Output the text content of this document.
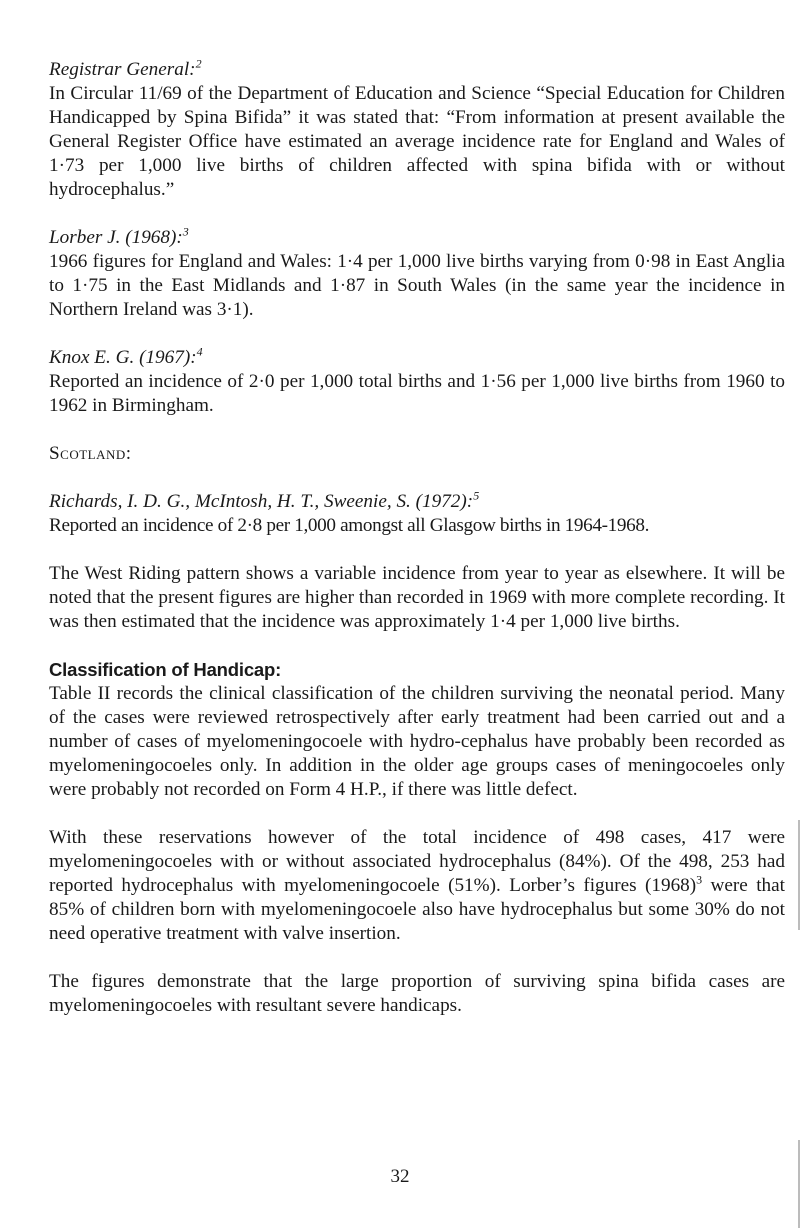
Registrar General:$^2$

In Circular 11/69 of the Department of Education and Science “Special Education for Children Handicapped by Spina Bifida” it was stated that: “From information at present available the General Register Office have estimated an average incidence rate for England and Wales of 1·73 per 1,000 live births of children affected with spina bifida with or without hydrocephalus.”

Lorber J. (1968):$^3$

1966 figures for England and Wales: 1·4 per 1,000 live births varying from 0·98 in East Anglia to 1·75 in the East Midlands and 1·87 in South Wales (in the same year the incidence in Northern Ireland was 3·1).

Knox E. G. (1967):$^4$

Reported an incidence of 2·0 per 1,000 total births and 1·56 per 1,000 live births from 1960 to 1962 in Birmingham.

Scotland:

Richards, I. D. G., McIntosh, H. T., Sweenie, S. (1972):$^5$

Reported an incidence of 2·8 per 1,000 amongst all Glasgow births in 1964-1968.

The West Riding pattern shows a variable incidence from year to year as elsewhere. It will be noted that the present figures are higher than recorded in 1969 with more complete recording. It was then estimated that the incidence was approximately 1·4 per 1,000 live births.

Classification of Handicap:

Table II records the clinical classification of the children surviving the neonatal period. Many of the cases were reviewed retrospectively after early treatment had been carried out and a number of cases of myelomeningocoele with hydro-cephalus have probably been recorded as myelomeningocoeles only. In addition in the older age groups cases of meningocoeles only were probably not recorded on Form 4 H.P., if there was little defect.

With these reservations however of the total incidence of 498 cases, 417 were myelomeningocoeles with or without associated hydrocephalus (84%). Of the 498, 253 had reported hydrocephalus with myelomeningocoele (51%). Lorber’s figures $(1968)^3$ were that 85% of children born with myelomeningocoele also have hydrocephalus but some 30% do not need operative treatment with valve insertion.

The figures demonstrate that the large proportion of surviving spina bifida cases are myelomeningocoeles with resultant severe handicaps.

32
